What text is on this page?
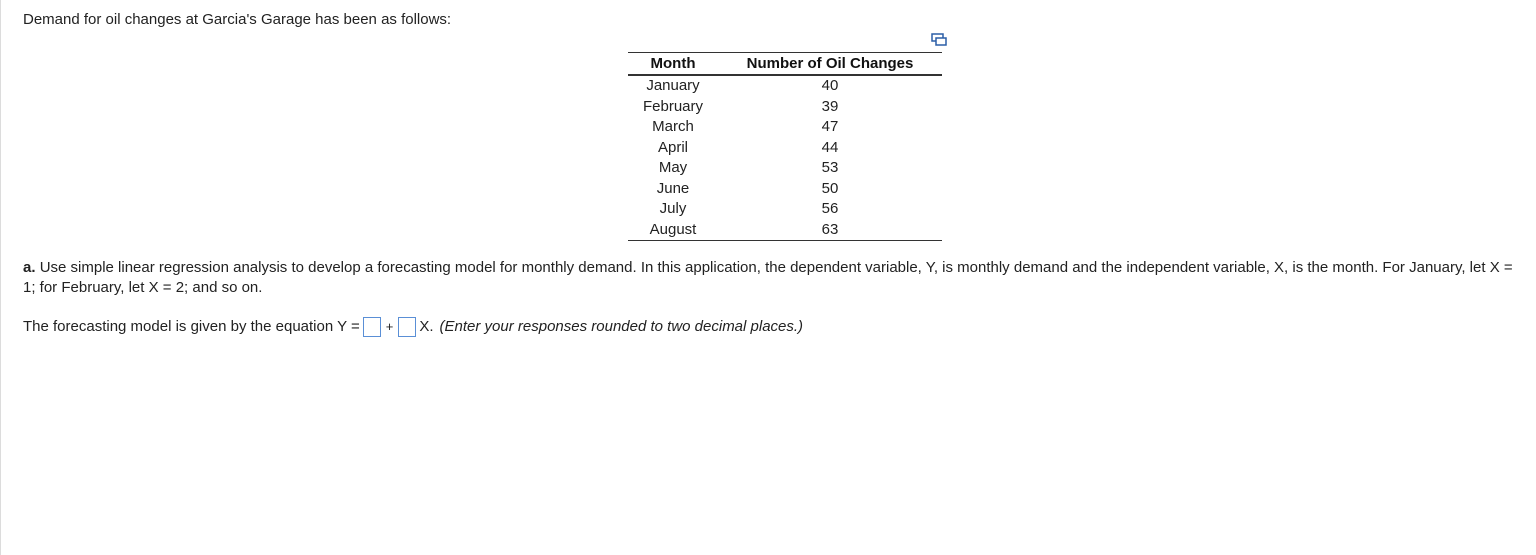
Demand for oil changes at Garcia's Garage has been as follows:
Month	Number of Oil Changes
January	40
February	39
March	47
April	44
May	53
June	50
July	56
August	63
a. Use simple linear regression analysis to develop a forecasting model for monthly demand. In this application, the dependent variable, Y, is monthly demand and the independent variable, X, is the month. For January, let X = 1; for February, let X = 2; and so on.
The forecasting model is given by the equation Y = + X. (Enter your responses rounded to two decimal places.)
